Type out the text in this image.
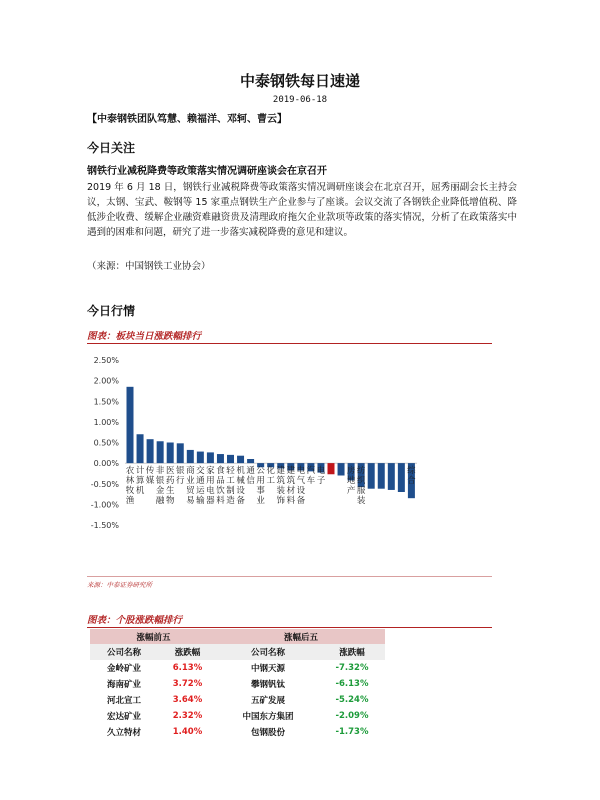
中泰钢铁每日速递
2019-06-18
【中泰钢铁团队笃慧、赖福洋、邓轲、曹云】
今日关注
钢铁行业减税降费等政策落实情况调研座谈会在京召开
2019 年 6 月 18 日，钢铁行业减税降费等政策落实情况调研座谈会在北京召开，屈秀丽副会长主持会议，太钢、宝武、鞍钢等 15 家重点钢铁生产企业参与了座谈。会议交流了各钢铁企业降低增值税、降低涉企收费、缓解企业融资难融资贵及清理政府拖欠企业款项等政策的落实情况，分析了在政策落实中遇到的困难和问题，研究了进一步落实减税降费的意见和建议。
（来源：中国钢铁工业协会）
今日行情
图表：板块当日涨跌幅排行
2.50%
2.00%
1.50%
1.00%
0.50%
0.00%
-0.50%
-1.00%
-1.50%
农林牧渔
计算机
传媒
非银金融
医药生物
银行
商业贸易
交通运输
家用电器
食品饮料
轻工制造
机械设备
通信
公用事业
化工
建筑装饰
建筑材料
电气设备
汽车
电子
房地产
纺织服装
综合
来源：中泰证券研究所
图表：个股涨跌幅排行
涨幅前五		涨幅后五	
公司名称	涨跌幅	公司名称	涨跌幅
金岭矿业	6.13%	中钢天源	-7.32%
海南矿业	3.72%	攀钢钒钛	-6.13%
河北宣工	3.64%	五矿发展	-5.24%
宏达矿业	2.32%	中国东方集团	-2.09%
久立特材	1.40%	包钢股份	-1.73%
